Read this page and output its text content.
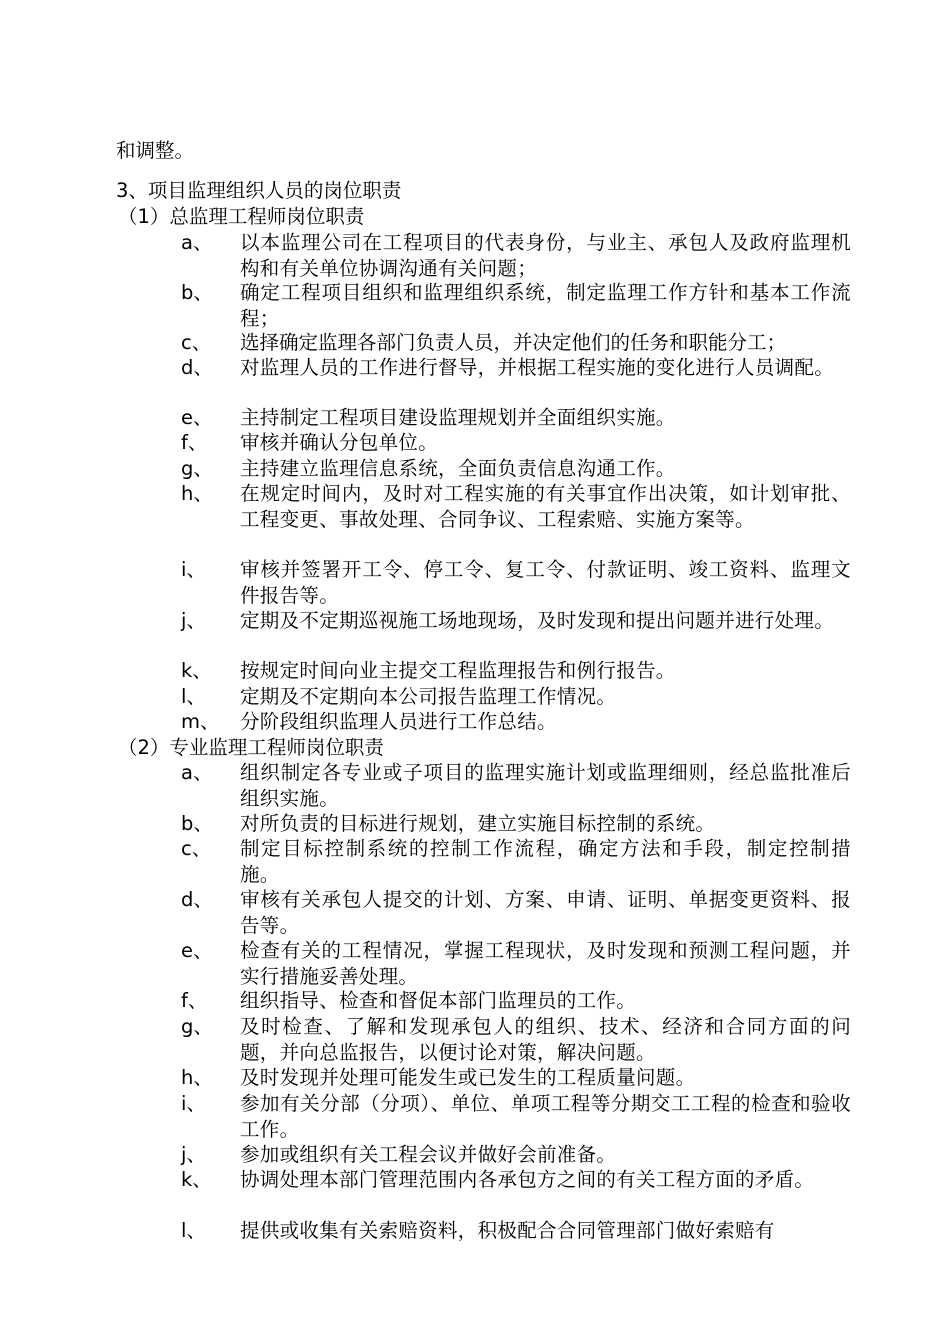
和调整。
3、项目监理组织人员的岗位职责
（1）总监理工程师岗位职责
a、	以本监理公司在工程项目的代表身份，与业主、承包人及政府监理机构和有关单位协调沟通有关问题；
b、	确定工程项目组织和监理组织系统，制定监理工作方针和基本工作流程；
c、	选择确定监理各部门负责人员，并决定他们的任务和职能分工；
d、	对监理人员的工作进行督导，并根据工程实施的变化进行人员调配。
e、	主持制定工程项目建设监理规划并全面组织实施。
f、	审核并确认分包单位。
g、	主持建立监理信息系统，全面负责信息沟通工作。
h、	在规定时间内，及时对工程实施的有关事宜作出决策，如计划审批、工程变更、事故处理、合同争议、工程索赔、实施方案等。
i、	审核并签署开工令、停工令、复工令、付款证明、竣工资料、监理文件报告等。
j、	定期及不定期巡视施工场地现场，及时发现和提出问题并进行处理。
k、	按规定时间向业主提交工程监理报告和例行报告。
l、	定期及不定期向本公司报告监理工作情况。
m、	分阶段组织监理人员进行工作总结。
（2）专业监理工程师岗位职责
a、	组织制定各专业或子项目的监理实施计划或监理细则，经总监批准后组织实施。
b、	对所负责的目标进行规划，建立实施目标控制的系统。
c、	制定目标控制系统的控制工作流程，确定方法和手段，制定控制措施。
d、	审核有关承包人提交的计划、方案、申请、证明、单据变更资料、报告等。
e、	检查有关的工程情况，掌握工程现状，及时发现和预测工程问题，并实行措施妥善处理。
f、	组织指导、检查和督促本部门监理员的工作。
g、	及时检查、了解和发现承包人的组织、技术、经济和合同方面的问题，并向总监报告，以便讨论对策，解决问题。
h、	及时发现并处理可能发生或已发生的工程质量问题。
i、	参加有关分部（分项）、单位、单项工程等分期交工工程的检查和验收工作。
j、	参加或组织有关工程会议并做好会前准备。
k、	协调处理本部门管理范围内各承包方之间的有关工程方面的矛盾。
l、	提供或收集有关索赔资料，积极配合合同管理部门做好索赔有
